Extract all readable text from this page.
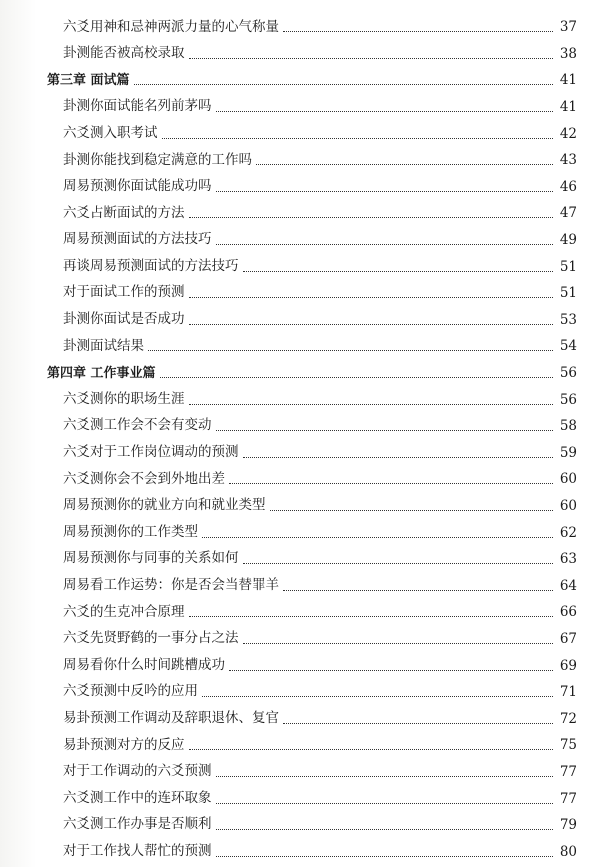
六爻用神和忌神两派力量的心气称量	37
卦测能否被高校录取	38
第三章 面试篇	41
卦测你面试能名列前茅吗	41
六爻测入职考试	42
卦测你能找到稳定满意的工作吗	43
周易预测你面试能成功吗	46
六爻占断面试的方法	47
周易预测面试的方法技巧	49
再谈周易预测面试的方法技巧	51
对于面试工作的预测	51
卦测你面试是否成功	53
卦测面试结果	54
第四章 工作事业篇	56
六爻测你的职场生涯	56
六爻测工作会不会有变动	58
六爻对于工作岗位调动的预测	59
六爻测你会不会到外地出差	60
周易预测你的就业方向和就业类型	60
周易预测你的工作类型	62
周易预测你与同事的关系如何	63
周易看工作运势：你是否会当替罪羊	64
六爻的生克冲合原理	66
六爻先贤野鹤的一事分占之法	67
周易看你什么时间跳槽成功	69
六爻预测中反吟的应用	71
易卦预测工作调动及辞职退休、复官	72
易卦预测对方的反应	75
对于工作调动的六爻预测	77
六爻测工作中的连环取象	77
六爻测工作办事是否顺利	79
对于工作找人帮忙的预测	80
